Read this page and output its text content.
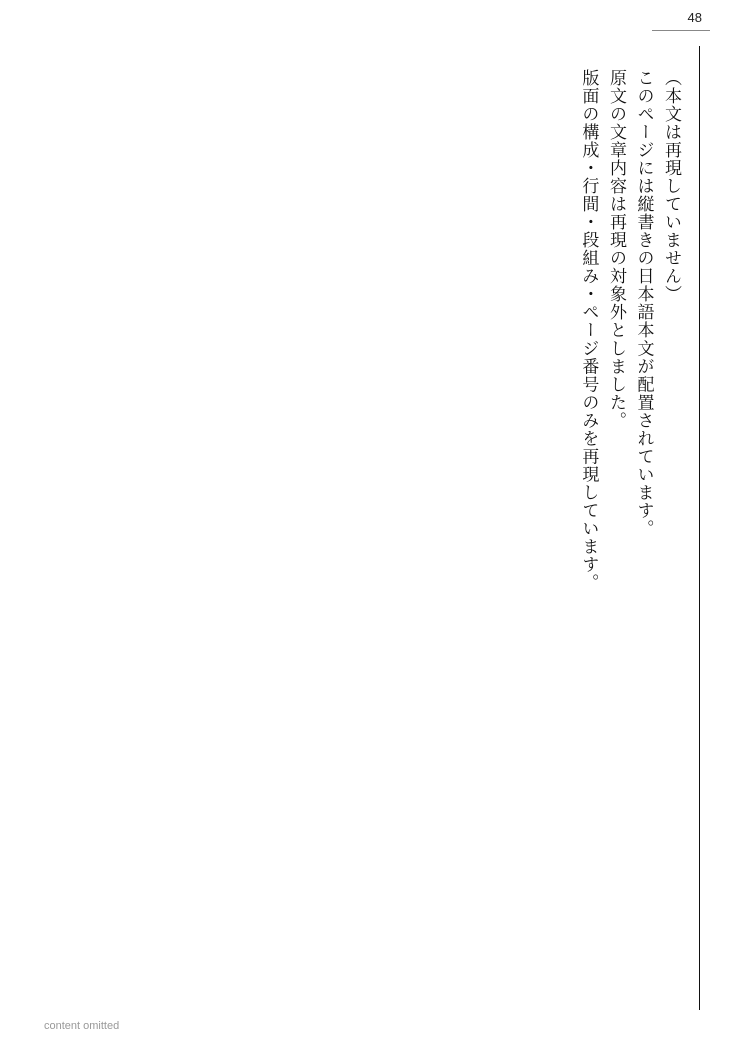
48

（本文は再現していません）

このページには縦書きの日本語本文が配置されています。

原文の文章内容は再現の対象外としました。

版面の構成・行間・段組み・ページ番号のみを再現しています。

content omitted
